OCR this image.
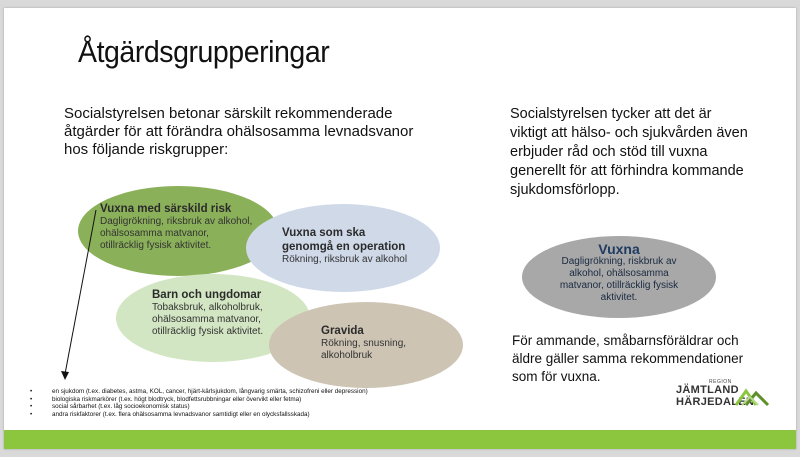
Åtgärdsgrupperingar
Socialstyrelsen betonar särskilt rekommenderade åtgärder för att förändra ohälsosamma levnadsvanor hos följande riskgrupper:
Socialstyrelsen tycker att det är viktigt att hälso- och sjukvården även erbjuder råd och stöd till vuxna generellt för att förhindra kommande sjukdomsförlopp.
Vuxna med särskild risk
Dagligrökning, riksbruk av alkohol,
ohälsosamma matvanor,
otillräcklig fysisk aktivitet.
Vuxna som ska
genomgå en operation
Rökning, riksbruk av alkohol
Barn och ungdomar
Tobaksbruk, alkoholbruk,
ohälsosamma matvanor,
otillräcklig fysisk aktivitet.	Gravida
Rökning, snusning,
alkoholbruk
Vuxna
Dagligrökning, riskbruk av
alkohol, ohälsosamma
matvanor, otillräcklig fysisk
aktivitet.
För ammande, småbarnsföräldrar och äldre gäller samma rekommendationer som för vuxna.
• en sjukdom (t.ex. diabetes, astma, KOL, cancer, hjärt-kärlsjukdom, långvarig smärta, schizofreni eller depression)
• biologiska riskmarkörer (t.ex. högt blodtryck, blodfettsrubbningar eller övervikt eller fetma)
• social sårbarhet (t.ex. låg socioekonomisk status)
• andra riskfaktorer (t.ex. flera ohälsosamma levnadsvanor samtidigt eller en olycksfallsskada)
REGION
JÄMTLAND
HÄRJEDALEN
